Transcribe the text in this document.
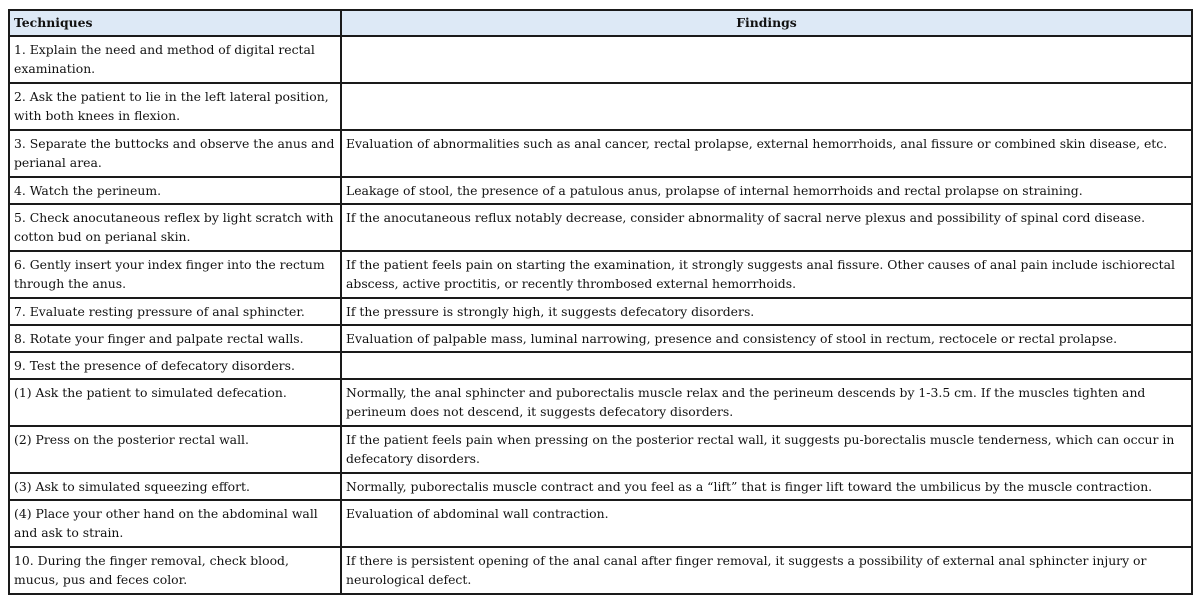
Techniques	Findings
1. Explain the need and method of digital rectal examination.	
2. Ask the patient to lie in the left lateral position, with both knees in flexion.	
3. Separate the buttocks and observe the anus and perianal area.	Evaluation of abnormalities such as anal cancer, rectal prolapse, external hemorrhoids, anal fissure or combined skin disease, etc.
4. Watch the perineum.	Leakage of stool, the presence of a patulous anus, prolapse of internal hemorrhoids and rectal prolapse on straining.
5. Check anocutaneous reflex by light scratch with cotton bud on perianal skin.	If the anocutaneous reflux notably decrease, consider abnormality of sacral nerve plexus and possibility of spinal cord disease.
6. Gently insert your index finger into the rectum through the anus.	If the patient feels pain on starting the examination, it strongly suggests anal fissure. Other causes of anal pain include ischiorectal abscess, active proctitis, or recently thrombosed external hemorrhoids.
7. Evaluate resting pressure of anal sphincter.	If the pressure is strongly high, it suggests defecatory disorders.
8. Rotate your finger and palpate rectal walls.	Evaluation of palpable mass, luminal narrowing, presence and consistency of stool in rectum, rectocele or rectal prolapse.
9. Test the presence of defecatory disorders.	
(1) Ask the patient to simulated defecation.	Normally, the anal sphincter and puborectalis muscle relax and the perineum descends by 1-3.5 cm. If the muscles tighten and perineum does not descend, it suggests defecatory disorders.
(2) Press on the posterior rectal wall.	If the patient feels pain when pressing on the posterior rectal wall, it suggests pu-borectalis muscle tenderness, which can occur in defecatory disorders.
(3) Ask to simulated squeezing effort.	Normally, puborectalis muscle contract and you feel as a “lift” that is finger lift toward the umbilicus by the muscle contraction.
(4) Place your other hand on the abdominal wall and ask to strain.	Evaluation of abdominal wall contraction.
10. During the finger removal, check blood, mucus, pus and feces color.	If there is persistent opening of the anal canal after finger removal, it suggests a possibility of external anal sphincter injury or neurological defect.
